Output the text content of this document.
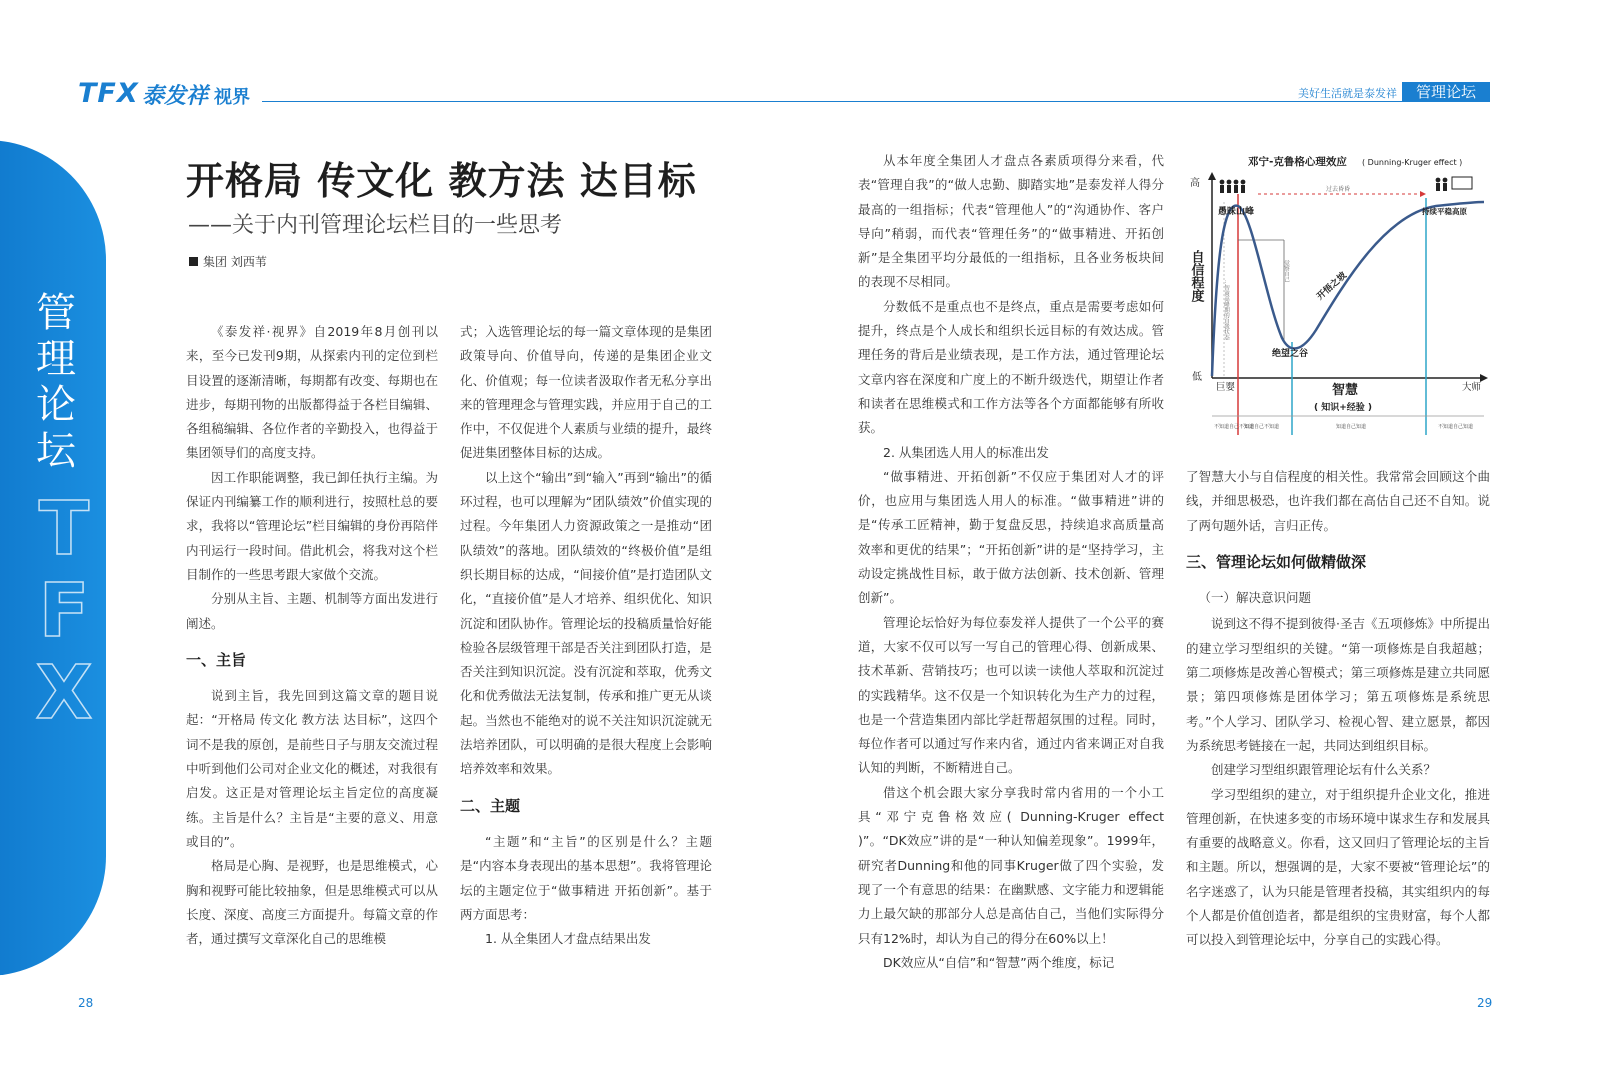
TFX 泰发祥 视界	美好生活就是泰发祥	管理论坛
管理论坛
T
F
X
开格局 传文化 教方法 达目标
——关于内刊管理论坛栏目的一些思考
集团 刘西苇

《泰发祥·视界》自2019年8月创刊以来，至今已发刊9期，从探索内刊的定位到栏目设置的逐渐清晰，每期都有改变、每期也在进步，每期刊物的出版都得益于各栏目编辑、各组稿编辑、各位作者的辛勤投入，也得益于集团领导们的高度支持。

因工作职能调整，我已卸任执行主编。为保证内刊编纂工作的顺利进行，按照杜总的要求，我将以“管理论坛”栏目编辑的身份再陪伴内刊运行一段时间。借此机会，将我对这个栏目制作的一些思考跟大家做个交流。

分别从主旨、主题、机制等方面出发进行阐述。

一、主旨

说到主旨，我先回到这篇文章的题目说起：“开格局 传文化 教方法 达目标”，这四个词不是我的原创，是前些日子与朋友交流过程中听到他们公司对企业文化的概述，对我很有启发。这正是对管理论坛主旨定位的高度凝练。主旨是什么？主旨是“主要的意义、用意或目的”。

格局是心胸、是视野，也是思维模式，心胸和视野可能比较抽象，但是思维模式可以从长度、深度、高度三方面提升。每篇文章的作者，通过撰写文章深化自己的思维模

式；入选管理论坛的每一篇文章体现的是集团政策导向、价值导向，传递的是集团企业文化、价值观；每一位读者汲取作者无私分享出来的管理理念与管理实践，并应用于自己的工作中，不仅促进个人素质与业绩的提升，最终促进集团整体目标的达成。

以上这个“输出”到“输入”再到“输出”的循环过程，也可以理解为“团队绩效”价值实现的过程。今年集团人力资源政策之一是推动“团队绩效”的落地。团队绩效的“终极价值”是组织长期目标的达成，“间接价值”是打造团队文化，“直接价值”是人才培养、组织优化、知识沉淀和团队协作。管理论坛的投稿质量恰好能检验各层级管理干部是否关注到团队打造，是否关注到知识沉淀。没有沉淀和萃取，优秀文化和优秀做法无法复制，传承和推广更无从谈起。当然也不能绝对的说不关注知识沉淀就无法培养团队，可以明确的是很大程度上会影响培养效率和效果。

二、主题

“主题”和“主旨”的区别是什么？主题是“内容本身表现出的基本思想”。我将管理论坛的主题定位于“做事精进 开拓创新”。基于两方面思考：

1. 从全集团人才盘点结果出发

从本年度全集团人才盘点各素质项得分来看，代表“管理自我”的“做人忠勤、脚踏实地”是泰发祥人得分最高的一组指标；代表“管理他人”的“沟通协作、客户导向”稍弱，而代表“管理任务”的“做事精进、开拓创新”是全集团平均分最低的一组指标，且各业务板块间的表现不尽相同。

分数低不是重点也不是终点，重点是需要考虑如何提升，终点是个人成长和组织长远目标的有效达成。管理任务的背后是业绩表现，是工作方法，通过管理论坛文章内容在深度和广度上的不断升级迭代，期望让作者和读者在思维模式和工作方法等各个方面都能够有所收获。

2. 从集团选人用人的标准出发

“做事精进、开拓创新”不仅应于集团对人才的评价，也应用与集团选人用人的标准。“做事精进”讲的是“传承工匠精神，勤于复盘反思，持续追求高质量高效率和更优的结果”；“开拓创新”讲的是“坚持学习，主动设定挑战性目标，敢于做方法创新、技术创新、管理创新”。

管理论坛恰好为每位泰发祥人提供了一个公平的赛道，大家不仅可以写一写自己的管理心得、创新成果、技术革新、营销技巧；也可以读一读他人萃取和沉淀过的实践精华。这不仅是一个知识转化为生产力的过程，也是一个营造集团内部比学赶帮超氛围的过程。同时，每位作者可以通过写作来内省，通过内省来调正对自我认知的判断，不断精进自己。

借这个机会跟大家分享我时常内省用的一个小工具“邓宁克鲁格效应( Dunning-Kruger effect )”。“DK效应”讲的是“一种认知偏差现象”。1999年，研究者Dunning和他的同事Kruger做了四个实验，发现了一个有意思的结果：在幽默感、文字能力和逻辑能力上最欠缺的那部分人总是高估自己，当他们实际得分只有12%时，却认为自己的得分在60%以上！

DK效应从“自信”和“智慧”两个维度，标记

了智慧大小与自信程度的相关性。我常常会回顾这个曲线，并细思极恐，也许我们都在高估自己还不自知。说了两句题外话，言归正传。

三、管理论坛如何做精做深
（一）解决意识问题

说到这不得不提到彼得·圣吉《五项修炼》中所提出的建立学习型组织的关键。“第一项修炼是自我超越；第二项修炼是改善心智模式；第三项修炼是建立共同愿景；第四项修炼是团体学习；第五项修炼是系统思考。”个人学习、团队学习、检视心智、建立愿景，都因为系统思考链接在一起，共同达到组织目标。

创建学习型组织跟管理论坛有什么关系？

学习型组织的建立，对于组织提升企业文化，推进管理创新，在快速多变的市场环境中谋求生存和发展具有重要的战略意义。你看，这又回归了管理论坛的主旨和主题。所以，想强调的是，大家不要被“管理论坛”的名字迷惑了，认为只能是管理者投稿，其实组织内的每个人都是价值创造者，都是组织的宝贵财富，每个人都可以投入到管理论坛中，分享自己的实践心得。

邓宁-克鲁格心理效应 ( Dunning-Kruger effect )
高
低
自信程度
...智商高峰期的自我状态
觉察自己
过去昏昏
愚昧山峰
绝望之谷
开悟之坡
持续平稳高原
巨婴	大师
智慧
( 知识+经验 )
不知道自己不知道
知道自己不知道	知道自己知道	不知道自己知道
28	29
